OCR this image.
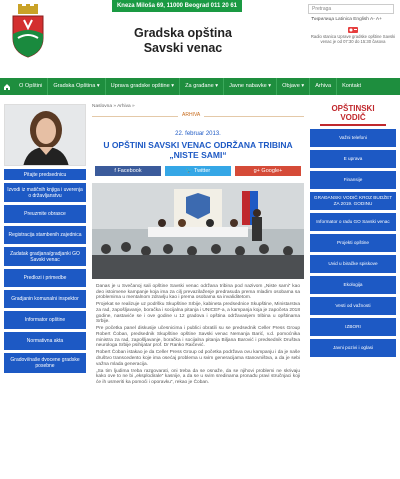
Kneza Miloša 69, 11000 Beograd 011 20 61 700
Gradska opština
Savski venac
Pretraga
Ћирилица Latinica English A- A+
Radio stanica Uprave gradske opštine Savski venac je od 07:30 do 15:30 časova
O Opštini	Gradska Opština ▾	Uprava gradske opštine ▾	Za građane ▾	Javne nabavke ▾	Objave ▾	Arhiva	Kontakt
Pitajte predsednicu
Izvodi iz matičnih knjiga i uverenja o državljanstvu
Preuzmite obrasce
Registracija stambenih zajednica
Zadatak gradjana/gradjanki GO Savski venac
Predlozi i primedbe
Gradjanin komunalni inspektor
Informator opštine
Normativna akta
Gradovi/naše dvocene gradske posebne
Naslovna » Arhiva »
ARHIVA
22. februar 2013.
U OPŠTINI SAVSKI VENAC ODRŽANA TRIBINA „NISTE SAMI“
f Facebook	🐦 Twitter	g+ Google+

Danas je u Svečanoj sali opštine Savski venac održana tribina pod nazivom „Niste sami“ kao deo istoimene kampanje koja ima za cilj prevazilaženje predrasuda prema mladim osobama sa problemima u mentalnom zdravlju kao i prema osobama sa invaliditetom.

Projekat se realizuje uz podršku Skupštine Srbije, kabineta predsednice Skupštine, Ministarstva za rad, zapošljavanje, boračka i socijalna pitanja i UNICEF-a, a kampanja koja je započeta 2018 godine, nastaviće se i ove godine u 12 gradova i opština održavanjem tribina u opštinama Srbije.

Pre početka panel diskusije učesnicima i publici obratili su se predsednik Celler Press Group Robert Čoban, predsednik Skupštine opštine Savski venac Nemanja Barić, v.d. pomoćnika ministra za rad, zapošljavanje, boračka i socijalna pitanja Biljana Barović i predsednik Društva neurologa Srbije psihijatar prof. Dr Ranko Raičević.

Robert Čoban istakao je da Celler Press Group od početka podržava ovu kampanju i da je naše društvo transcedento koje ima osećaj problema u svim generacijama stanovništva, a da je sebi važna mlada generacija.

„Sa tim ljudima treba razgovarati, oni treba da se osnaže, da se njihovi problemi ne skrivaju kako ove to ne bi „eksplodirale“ kasnije, a da se u svim sredinama pronađu pravi stručnjaci koji će ih usmeriti ka pomoći i oporavku“, rekao je Čoban.

OPŠTINSKI
VODIČ
Važni telefoni
E uprava
Finansije
GRAĐANSKI VODIČ KROZ BUDŽET ZA 2019. GODINU
Informator o radu GO Savski venac
Projekti opštine
Uvid u biračke spiskove
Ekologija
Vesti od važnosti
IZBORI
Javni pozivi i oglasi
